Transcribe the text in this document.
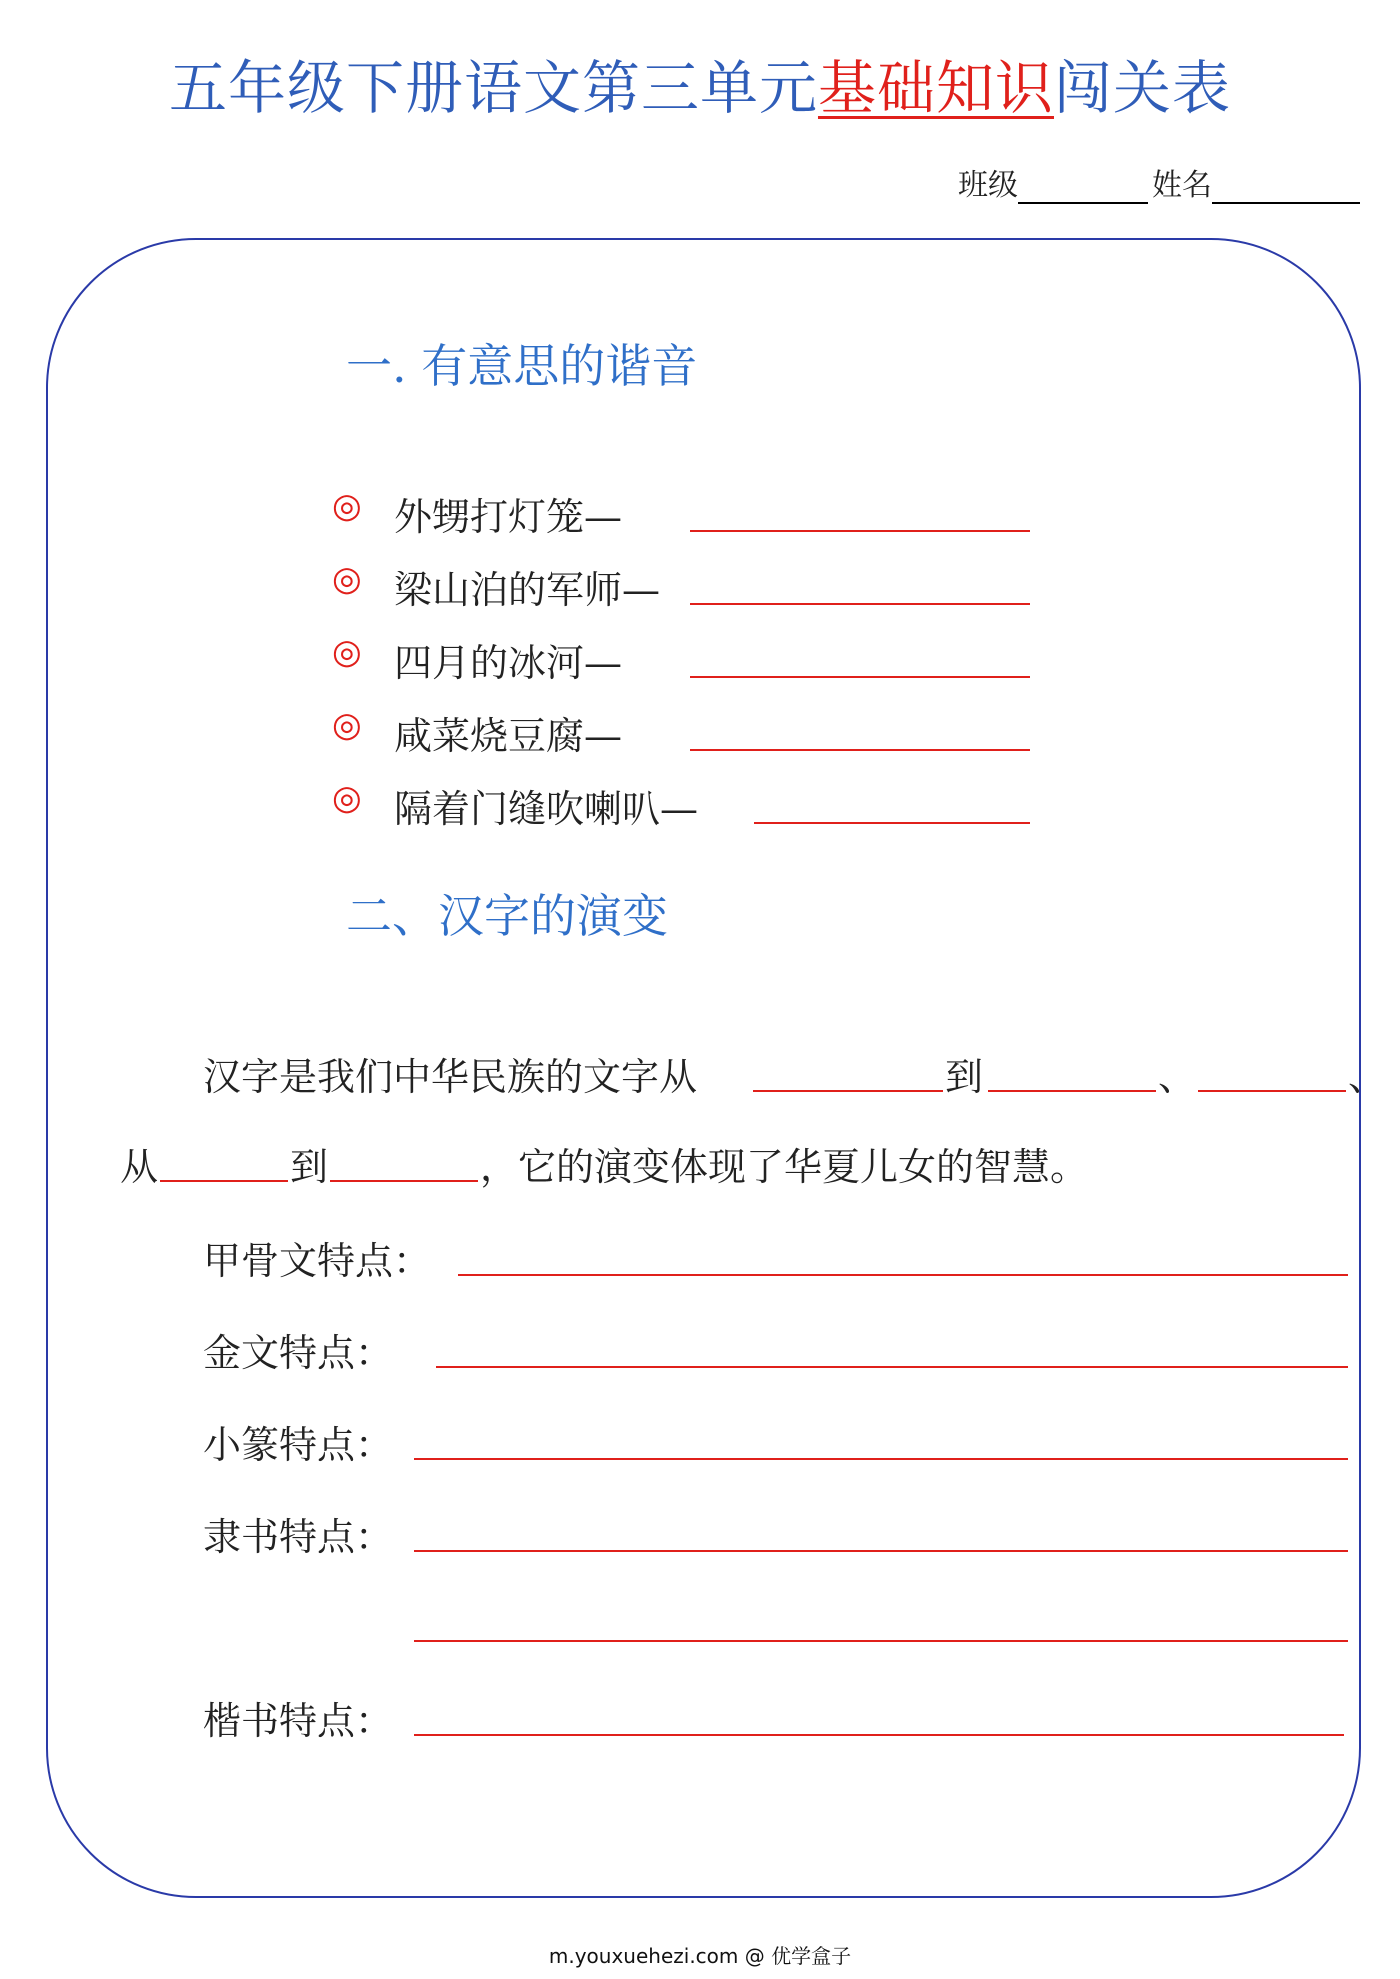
五年级下册语文第三单元基础知识闯关表
班级	姓名
一. 有意思的谐音
◎ 外甥打灯笼—
◎ 梁山泊的军师—
◎ 四月的冰河—
◎ 咸菜烧豆腐—
◎ 隔着门缝吹喇叭—
二、汉字的演变
汉字是我们中华民族的文字从	到	、	、
从	到	，它的演变体现了华夏儿女的智慧。
甲骨文特点：
金文特点：
小篆特点：
隶书特点：
楷书特点：
m.youxuehezi.com @ 优学盒子
